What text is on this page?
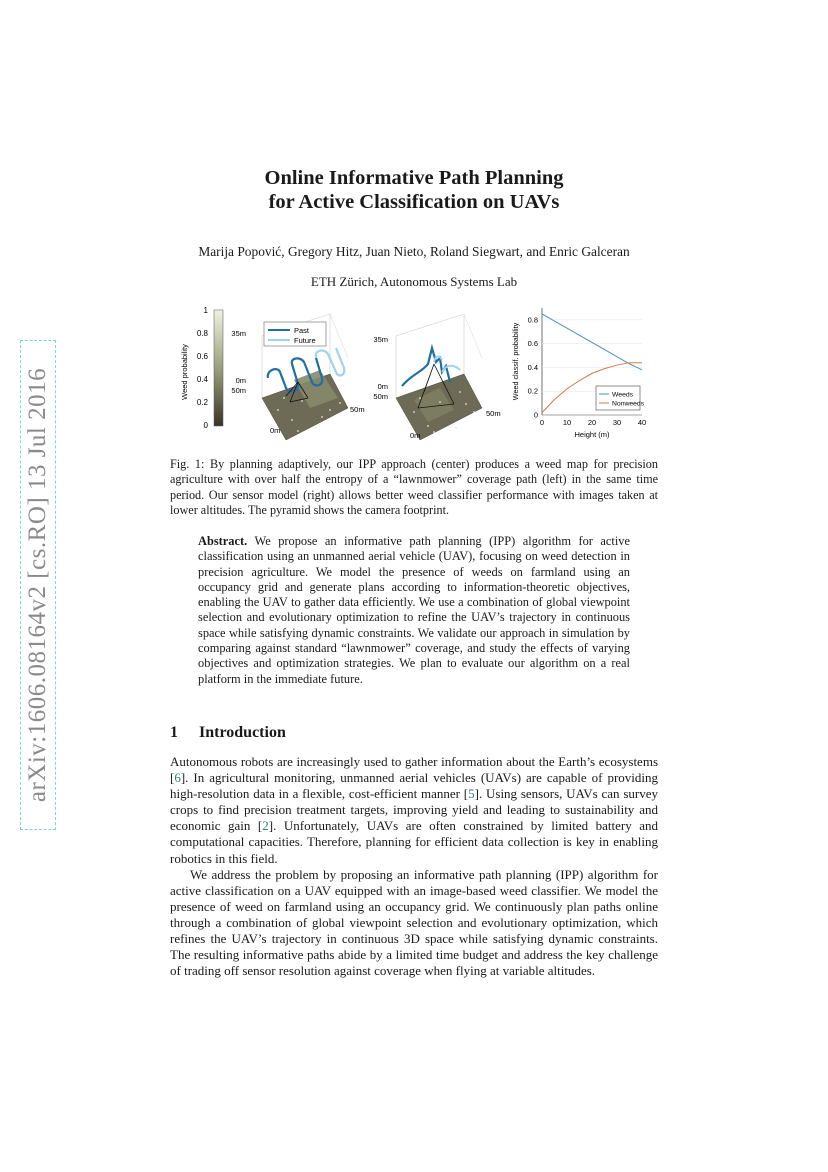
arXiv:1606.08164v2 [cs.RO] 13 Jul 2016
Online Informative Path Planning
for Active Classification on UAVs
Marija Popović, Gregory Hitz, Juan Nieto, Roland Siegwart, and Enric Galceran
ETH Zürich, Autonomous Systems Lab
1
0.8
0.6
0.4
0.2
0
Weed probability
35m
0m
50m
50m
0m
Past
Future	35m
0m
50m
50m
0m
0
0.2
0.4
0.6
0.8
0 10 20 30 40
Height (m)
Weed classif. probability	Weeds
Nonweeds
Fig. 1: By planning adaptively, our IPP approach (center) produces a weed map for precision agriculture with over half the entropy of a “lawnmower” coverage path (left) in the same time period. Our sensor model (right) allows better weed classifier performance with images taken at lower altitudes. The pyramid shows the camera footprint.
Abstract. We propose an informative path planning (IPP) algorithm for active classification using an unmanned aerial vehicle (UAV), focusing on weed detection in precision agriculture. We model the presence of weeds on farmland using an occupancy grid and generate plans according to information-theoretic objectives, enabling the UAV to gather data efficiently. We use a combination of global viewpoint selection and evolutionary optimization to refine the UAV’s trajectory in continuous space while satisfying dynamic constraints. We validate our approach in simulation by comparing against standard “lawnmower” coverage, and study the effects of varying objectives and optimization strategies. We plan to evaluate our algorithm on a real platform in the immediate future.
1 Introduction

Autonomous robots are increasingly used to gather information about the Earth’s ecosystems [6]. In agricultural monitoring, unmanned aerial vehicles (UAVs) are capable of providing high-resolution data in a flexible, cost-efficient manner [5]. Using sensors, UAVs can survey crops to find precision treatment targets, improving yield and leading to sustainability and economic gain [2]. Unfortunately, UAVs are often constrained by limited battery and computational capacities. Therefore, planning for efficient data collection is key in enabling robotics in this field.

We address the problem by proposing an informative path planning (IPP) algorithm for active classification on a UAV equipped with an image-based weed classifier. We model the presence of weed on farmland using an occupancy grid. We continuously plan paths online through a combination of global viewpoint selection and evolutionary optimization, which refines the UAV’s trajectory in continuous 3D space while satisfying dynamic constraints. The resulting informative paths abide by a limited time budget and address the key challenge of trading off sensor resolution against coverage when flying at variable altitudes.
